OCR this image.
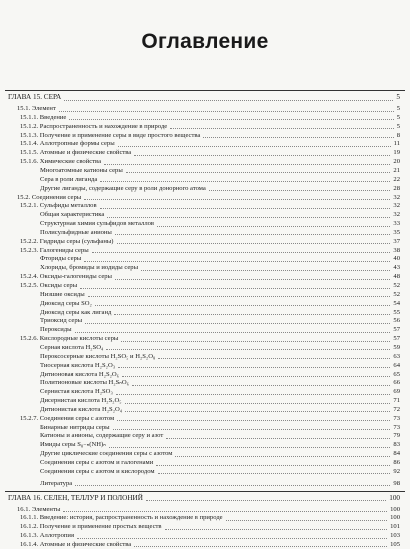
Оглавление
ГЛАВА 15. СЕРА	5
15.1. Элемент	5
15.1.1. Введение	5
15.1.2. Распространенность и нахождение в природе	5
15.1.3. Получение и применение серы в виде простого вещества	8
15.1.4. Аллотропные формы серы	11
15.1.5. Атомные и физические свойства	19
15.1.6. Химические свойства	20
Многоатомные катионы серы	21
Сера в роли лиганда	22
Другие лиганды, содержащие серу в роли донорного атома	28
15.2. Соединения серы	32
15.2.1. Сульфиды металлов	32
Общая характеристика	32
Структурная химия сульфидов металлов	33
Полисульфидные анионы	35
15.2.2. Гидриды серы (сульфаны)	37
15.2.3. Галогениды серы	38
Фториды серы	40
Хлориды, бромиды и иодиды серы	43
15.2.4. Оксиды-галогениды серы	48
15.2.5. Оксиды серы	52
Низшие оксиды	52
Диоксид серы SO₂	54
Диоксид серы как лиганд	55
Триоксид серы	56
Пероксиды	57
15.2.6. Кислородные кислоты серы	57
Серная кислота H₂SO₄	59
Пероксосерные кислоты H₂SO₅ и H₂S₂O₈	63
Тиосерная кислота H₂S₂O₃	64
Дитионовая кислота H₂S₂O₆	65
Политионовые кислоты H₂SₙO₆	66
Сернистая кислота H₂SO₃	69
Дисернистая кислота H₂S₂O₅	71
Дитионистая кислота H₂S₂O₄	72
15.2.7. Соединения серы с азотом	73
Бинарные нитриды серы	73
Катионы и анионы, содержащие серу и азот	79
Имиды серы S₈₋ₙ(NH)ₙ	83
Другие циклические соединения серы с азотом	84
Соединения серы с азотом и галогенами	86
Соединения серы с азотом и кислородом	92
Литература	98
ГЛАВА 16. СЕЛЕН, ТЕЛЛУР И ПОЛОНИЙ	100
16.1. Элементы	100
16.1.1. Введение: история, распространенность и нахождение в природе	100
16.1.2. Получение и применение простых веществ	101
16.1.3. Аллотропия	103
16.1.4. Атомные и физические свойства	105
